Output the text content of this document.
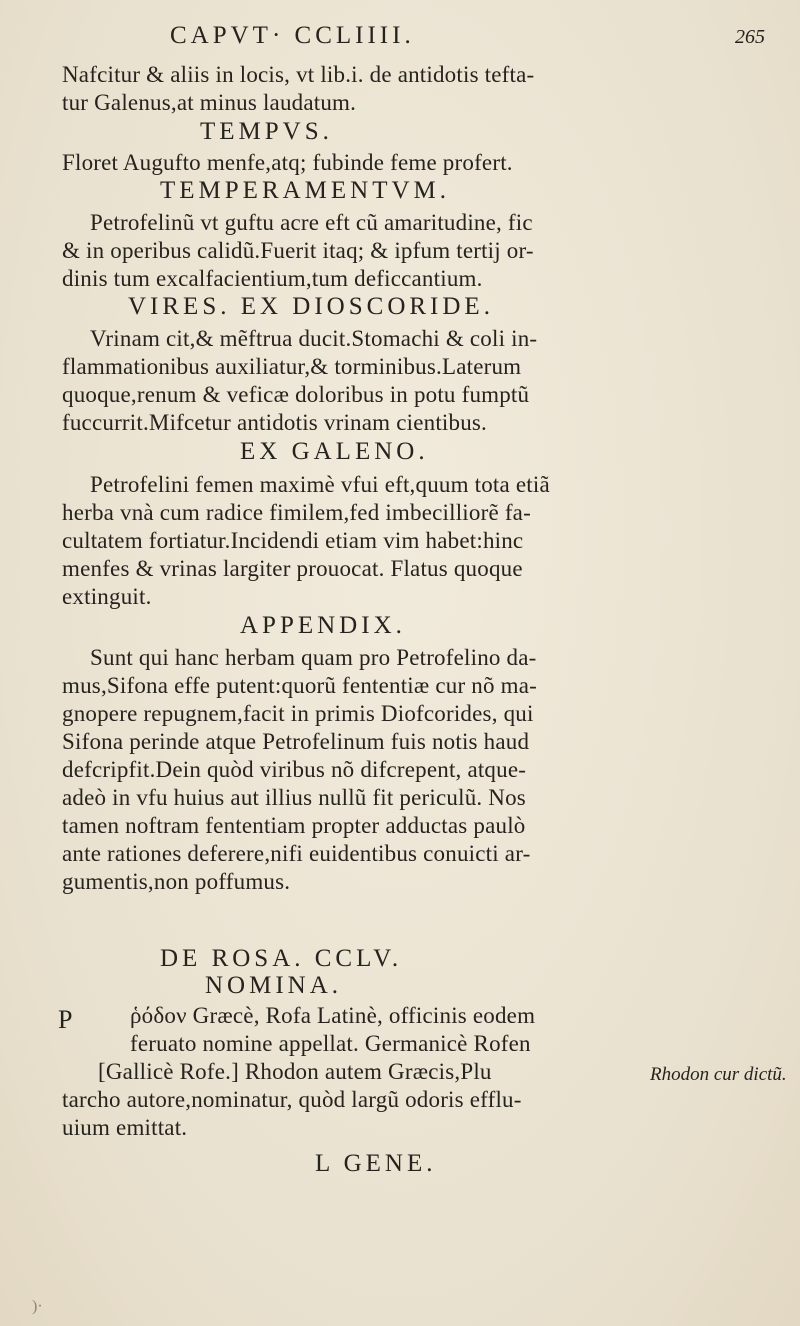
CAPVT· CCLIIII.	265
Nafcitur & aliis in locis, vt lib.i. de antidotis tefta-
tur Galenus,at minus laudatum.
TEMPVS.
Floret Augufto menfe,atq; fubinde feme profert.
TEMPERAMENTVM.
Petrofelinũ vt guftu acre eft cũ amaritudine, fic
& in operibus calidũ.Fuerit itaq; & ipfum tertij or-
dinis tum excalfacientium,tum deficcantium.
VIRES. EX DIOSCORIDE.
Vrinam cit,& mẽftrua ducit.Stomachi & coli in-
flammationibus auxiliatur,& torminibus.Laterum
quoque,renum & veficæ doloribus in potu fumptũ
fuccurrit.Mifcetur antidotis vrinam cientibus.
EX GALENO.
Petrofelini femen maximè vfui eft,quum tota etiã
herba vnà cum radice fimilem,fed imbecilliorẽ fa-
cultatem fortiatur.Incidendi etiam vim habet:hinc
menfes & vrinas largiter prouocat. Flatus quoque
extinguit.
APPENDIX.
Sunt qui hanc herbam quam pro Petrofelino da-
mus,Sifona effe putent:quorũ fententiæ cur nõ ma-
gnopere repugnem,facit in primis Diofcorides, qui
Sifona perinde atque Petrofelinum fuis notis haud
defcripfit.Dein quòd viribus nõ difcrepent, atque-
adeò in vfu huius aut illius nullũ fit periculũ. Nos
tamen noftram fententiam propter adductas paulò
ante rationes deferere,nifi euidentibus conuicti ar-
gumentis,non poffumus.
DE ROSA. CCLV.
NOMINA.
P	ῥόδον Græcè, Rofa Latinè, officinis eodem
feruato nomine appellat. Germanicè Rofen
[Gallicè Rofe.] Rhodon autem Græcis,Plu
tarcho autore,nominatur, quòd largũ odoris efflu-
uium emittat.
Rhodon cur dictũ.
L GENE.
)·
